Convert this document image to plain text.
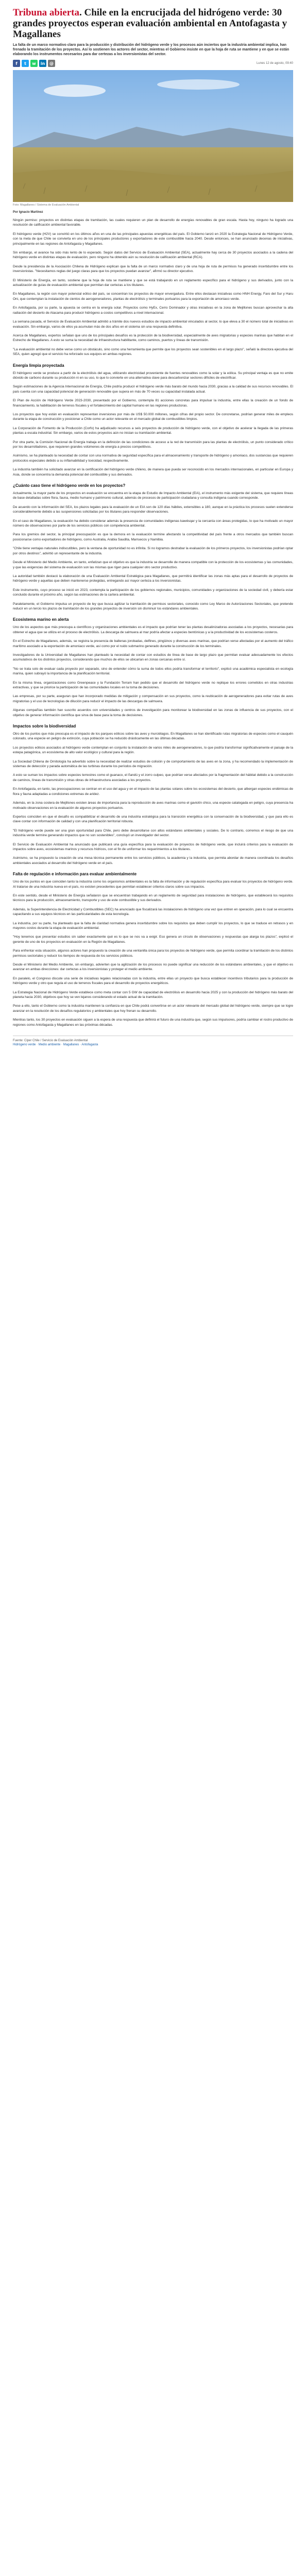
Tribuna abierta. Chile en la encrucijada del hidrógeno verde: 30 grandes proyectos esperan evaluación ambiental en Antofagasta y Magallanes

La falta de un marco normativo claro para la producción y distribución del hidrógeno verde y los procesos aún inciertos que la industria ambiental implica, han frenado la tramitación de los proyectos. Así lo sostienen los actores del sector, mientras el Gobierno insiste en que la hoja de ruta se mantiene y en que se están elaborando los instrumentos necesarios para dar certezas a los inversionistas del sector.

f t w in @	Lunes 12 de agosto, 09:40

Foto: Magallanes / Sistema de Evaluación Ambiental

Por Ignacio Martínez

Ningún permiso: proyectos en distintas etapas de tramitación, las cuales requieren un plan de desarrollo de energías renovables de gran escala. Hasta hoy, ninguno ha logrado una resolución de calificación ambiental favorable.

El hidrógeno verde (H2V) se convirtió en los últimos años en una de las principales apuestas energéticas del país. El Gobierno lanzó en 2020 la Estrategia Nacional de Hidrógeno Verde, con la meta de que Chile se convierta en uno de los principales productores y exportadores de este combustible hacia 2040. Desde entonces, se han anunciado decenas de iniciativas, principalmente en las regiones de Antofagasta y Magallanes.

Sin embargo, el avance ha sido más lento de lo esperado. Según datos del Servicio de Evaluación Ambiental (SEA), actualmente hay cerca de 30 proyectos asociados a la cadena del hidrógeno verde en distintas etapas de evaluación, pero ninguno ha obtenido aún su resolución de calificación ambiental (RCA).

Desde la presidencia de la Asociación Chilena de Hidrógeno explican que la falta de un marco normativo claro y de una hoja de ruta de permisos ha generado incertidumbre entre los inversionistas. "Necesitamos reglas del juego claras para que los proyectos puedan avanzar", afirmó su director ejecutivo.

El Ministerio de Energía, en tanto, sostiene que la hoja de ruta se mantiene y que se está trabajando en un reglamento específico para el hidrógeno y sus derivados, junto con la actualización de guías de evaluación ambiental que permitan dar certezas a los titulares.

En Magallanes, la región con mayor potencial eólico del país, se concentran los proyectos de mayor envergadura. Entre ellos destacan iniciativas como HNH Energy, Faro del Sur y Haru Oni, que contemplan la instalación de cientos de aerogeneradores, plantas de electrólisis y terminales portuarios para la exportación de amoniaco verde.

En Antofagasta, por su parte, la apuesta se centra en la energía solar. Proyectos como HyEx, Cerro Dominador y otras iniciativas en la zona de Mejillones buscan aprovechar la alta radiación del desierto de Atacama para producir hidrógeno a costos competitivos a nivel internacional.

La semana pasada, el Servicio de Evaluación Ambiental admitió a trámite dos nuevos estudios de impacto ambiental vinculados al sector, lo que eleva a 30 el número total de iniciativas en evaluación. Sin embargo, varios de ellos ya acumulan más de dos años en el sistema sin una respuesta definitiva.

Acerca de Magallanes, expertos señalan que uno de los principales desafíos es la protección de la biodiversidad, especialmente de aves migratorias y especies marinas que habitan en el Estrecho de Magallanes. A esto se suma la necesidad de infraestructura habilitante, como caminos, puertos y líneas de transmisión.

"La evaluación ambiental no debe verse como un obstáculo, sino como una herramienta que permite que los proyectos sean sostenibles en el largo plazo", señaló la directora ejecutiva del SEA, quien agregó que el servicio ha reforzado sus equipos en ambas regiones.

Energía limpia proyectada

El hidrógeno verde se produce a partir de la electrólisis del agua, utilizando electricidad proveniente de fuentes renovables como la solar y la eólica. Su principal ventaja es que no emite dióxido de carbono durante su producción ni en su uso, lo que lo convierte en una alternativa clave para descarbonizar sectores difíciles de electrificar.

Según estimaciones de la Agencia Internacional de Energía, Chile podría producir el hidrógeno verde más barato del mundo hacia 2030, gracias a la calidad de sus recursos renovables. El país cuenta con una capacidad potencial de generación renovable que supera en más de 70 veces su capacidad instalada actual.

El Plan de Acción de Hidrógeno Verde 2023-2030, presentado por el Gobierno, contempla 81 acciones concretas para impulsar la industria, entre ellas la creación de un fondo de financiamiento, la habilitación de terrenos fiscales y el fortalecimiento del capital humano en las regiones productoras.

Los proyectos que hoy están en evaluación representan inversiones por más de US$ 50.000 millones, según cifras del propio sector. De concretarse, podrían generar miles de empleos durante la etapa de construcción y posicionar a Chile como un actor relevante en el mercado global de combustibles limpios.

La Corporación de Fomento de la Producción (Corfo) ha adjudicado recursos a seis proyectos de producción de hidrógeno verde, con el objetivo de acelerar la llegada de las primeras plantas a escala industrial. Sin embargo, varios de estos proyectos aún no inician su tramitación ambiental.

Por otra parte, la Comisión Nacional de Energía trabaja en la definición de las condiciones de acceso a la red de transmisión para las plantas de electrólisis, un punto considerado crítico por los desarrolladores, que requieren grandes volúmenes de energía a precios competitivos.

Asimismo, se ha planteado la necesidad de contar con una normativa de seguridad específica para el almacenamiento y transporte de hidrógeno y amoniaco, dos sustancias que requieren protocolos especiales debido a su inflamabilidad y toxicidad, respectivamente.

La industria también ha solicitado avanzar en la certificación del hidrógeno verde chileno, de manera que pueda ser reconocido en los mercados internacionales, en particular en Europa y Asia, donde se concentra la demanda potencial del combustible y sus derivados.

¿Cuánto caso tiene el hidrógeno verde en los proyectos?

Actualmente, la mayor parte de los proyectos en evaluación se encuentra en la etapa de Estudio de Impacto Ambiental (EIA), el instrumento más exigente del sistema, que requiere líneas de base detalladas sobre flora, fauna, medio humano y patrimonio cultural, además de procesos de participación ciudadana y consulta indígena cuando corresponde.

De acuerdo con la información del SEA, los plazos legales para la evaluación de un EIA son de 120 días hábiles, extensibles a 180, aunque en la práctica los procesos suelen extenderse considerablemente debido a las suspensiones solicitadas por los titulares para responder observaciones.

En el caso de Magallanes, la evaluación ha debido considerar además la presencia de comunidades indígenas kawésqar y la cercanía con áreas protegidas, lo que ha motivado un mayor número de observaciones por parte de los servicios públicos con competencia ambiental.

Para los gremios del sector, la principal preocupación es que la demora en la evaluación termine afectando la competitividad del país frente a otros mercados que también buscan posicionarse como exportadores de hidrógeno, como Australia, Arabia Saudita, Marruecos y Namibia.

"Chile tiene ventajas naturales indiscutibles, pero la ventana de oportunidad no es infinita. Si no logramos destrabar la evaluación de los primeros proyectos, los inversionistas podrían optar por otros destinos", advirtió un representante de la industria.

Desde el Ministerio del Medio Ambiente, en tanto, enfatizan que el objetivo es que la industria se desarrolle de manera compatible con la protección de los ecosistemas y las comunidades, y que las exigencias del sistema de evaluación son las mismas que rigen para cualquier otro sector productivo.

La autoridad también destacó la elaboración de una Evaluación Ambiental Estratégica para Magallanes, que permitirá identificar las zonas más aptas para el desarrollo de proyectos de hidrógeno verde y aquellas que deben mantenerse protegidas, entregando así mayor certeza a los inversionistas.

Este instrumento, cuyo proceso se inició en 2023, contempla la participación de los gobiernos regionales, municipios, comunidades y organizaciones de la sociedad civil, y debería estar concluido durante el próximo año, según las estimaciones de la cartera ambiental.

Paralelamente, el Gobierno impulsa un proyecto de ley que busca agilizar la tramitación de permisos sectoriales, conocido como Ley Marco de Autorizaciones Sectoriales, que pretende reducir en un tercio los plazos de tramitación de los grandes proyectos de inversión sin disminuir los estándares ambientales.

Ecosistema marino en alerta

Uno de los aspectos que más preocupa a científicos y organizaciones ambientales es el impacto que podrían tener las plantas desalinizadoras asociadas a los proyectos, necesarias para obtener el agua que se utiliza en el proceso de electrólisis. La descarga de salmuera al mar podría afectar a especies bentónicas y a la productividad de los ecosistemas costeros.

En el Estrecho de Magallanes, además, se registra la presencia de ballenas jorobadas, delfines, pingüinos y diversas aves marinas, que podrían verse afectadas por el aumento del tráfico marítimo asociado a la exportación de amoniaco verde, así como por el ruido submarino generado durante la construcción de los terminales.

Investigadores de la Universidad de Magallanes han planteado la necesidad de contar con estudios de línea de base de largo plazo que permitan evaluar adecuadamente los efectos acumulativos de los distintos proyectos, considerando que muchos de ellos se ubicarían en zonas cercanas entre sí.

"No se trata solo de evaluar cada proyecto por separado, sino de entender cómo la suma de todos ellos podría transformar el territorio", explicó una académica especialista en ecología marina, quien subrayó la importancia de la planificación territorial.

En la misma línea, organizaciones como Greenpeace y la Fundación Terram han pedido que el desarrollo del hidrógeno verde no replique los errores cometidos en otras industrias extractivas, y que se priorice la participación de las comunidades locales en la toma de decisiones.

Las empresas, por su parte, aseguran que han incorporado medidas de mitigación y compensación en sus proyectos, como la reubicación de aerogeneradores para evitar rutas de aves migratorias y el uso de tecnologías de dilución para reducir el impacto de las descargas de salmuera.

Algunas compañías también han suscrito acuerdos con universidades y centros de investigación para monitorear la biodiversidad en las zonas de influencia de sus proyectos, con el objetivo de generar información científica que sirva de base para la toma de decisiones.

Impactos sobre la biodiversidad

Otro de los puntos que más preocupa es el impacto de los parques eólicos sobre las aves y murciélagos. En Magallanes se han identificado rutas migratorias de especies como el cauquén colorado, una especie en peligro de extinción, cuya población se ha reducido drásticamente en las últimas décadas.

Los proyectos eólicos asociados al hidrógeno verde contemplan en conjunto la instalación de varios miles de aerogeneradores, lo que podría transformar significativamente el paisaje de la estepa patagónica, un ecosistema de alto valor ecológico y cultural para la región.

La Sociedad Chilena de Ornitología ha advertido sobre la necesidad de realizar estudios de colisión y de comportamiento de las aves en la zona, y ha recomendado la implementación de sistemas de detección y parada automática de las turbinas durante los períodos de migración.

A esto se suman los impactos sobre especies terrestres como el guanaco, el ñandú y el zorro culpeo, que podrían verse afectados por la fragmentación del hábitat debido a la construcción de caminos, líneas de transmisión y otras obras de infraestructura asociadas a los proyectos.

En Antofagasta, en tanto, las preocupaciones se centran en el uso del agua y en el impacto de las plantas solares sobre los ecosistemas del desierto, que albergan especies endémicas de flora y fauna adaptadas a condiciones extremas de aridez.

Además, en la zona costera de Mejillones existen áreas de importancia para la reproducción de aves marinas como el gaviotín chico, una especie catalogada en peligro, cuya presencia ha motivado observaciones en la evaluación de algunos proyectos portuarios.

Expertos coinciden en que el desafío es compatibilizar el desarrollo de una industria estratégica para la transición energética con la conservación de la biodiversidad, y que para ello es clave contar con información de calidad y con una planificación territorial robusta.

"El hidrógeno verde puede ser una gran oportunidad para Chile, pero debe desarrollarse con altos estándares ambientales y sociales. De lo contrario, corremos el riesgo de que una industria verde termine generando impactos que no son sostenibles", concluyó un investigador del sector.

El Servicio de Evaluación Ambiental ha anunciado que publicará una guía específica para la evaluación de proyectos de hidrógeno verde, que incluirá criterios para la evaluación de impactos sobre aves, ecosistemas marinos y recursos hídricos, con el fin de uniformar los requerimientos a los titulares.

Asimismo, se ha propuesto la creación de una mesa técnica permanente entre los servicios públicos, la academia y la industria, que permita abordar de manera coordinada los desafíos ambientales asociados al desarrollo del hidrógeno verde en el país.

Falta de regulación e información para evaluar ambientalmente

Uno de los puntos en que coinciden tanto la industria como los organismos ambientales es la falta de información y de regulación específica para evaluar los proyectos de hidrógeno verde. Al tratarse de una industria nueva en el país, no existen precedentes que permitan establecer criterios claros sobre sus impactos.

En este sentido, desde el Ministerio de Energía señalaron que se encuentran trabajando en un reglamento de seguridad para instalaciones de hidrógeno, que establecerá los requisitos técnicos para la producción, almacenamiento, transporte y uso de este combustible y sus derivados.

Además, la Superintendencia de Electricidad y Combustibles (SEC) ha anunciado que fiscalizará las instalaciones de hidrógeno una vez que entren en operación, para lo cual se encuentra capacitando a sus equipos técnicos en las particularidades de esta tecnología.

La industria, por su parte, ha planteado que la falta de claridad normativa genera incertidumbre sobre los requisitos que deben cumplir los proyectos, lo que se traduce en retrasos y en mayores costos durante la etapa de evaluación ambiental.

"Hoy tenemos que presentar estudios sin saber exactamente qué es lo que se nos va a exigir. Eso genera un círculo de observaciones y respuestas que alarga los plazos", explicó el gerente de uno de los proyectos en evaluación en la Región de Magallanes.

Para enfrentar esta situación, algunos actores han propuesto la creación de una ventanilla única para los proyectos de hidrógeno verde, que permita coordinar la tramitación de los distintos permisos sectoriales y reducir los tiempos de respuesta de los servicios públicos.

Desde el Ministerio del Medio Ambiente, sin embargo, advierten que la agilización de los procesos no puede significar una reducción de los estándares ambientales, y que el objetivo es avanzar en ambas direcciones: dar certezas a los inversionistas y proteger el medio ambiente.

En paralelo, el Congreso discute una serie de iniciativas legales relacionadas con la industria, entre ellas un proyecto que busca establecer incentivos tributarios para la producción de hidrógeno verde y otro que regula el uso de terrenos fiscales para el desarrollo de proyectos energéticos.

La Estrategia Nacional de Hidrógeno Verde establece como meta contar con 5 GW de capacidad de electrólisis en desarrollo hacia 2025 y con la producción del hidrógeno más barato del planeta hacia 2030, objetivos que hoy se ven lejanos considerando el estado actual de la tramitación.

Pese a ello, tanto el Gobierno como la industria mantienen la confianza en que Chile podrá convertirse en un actor relevante del mercado global del hidrógeno verde, siempre que se logre avanzar en la resolución de los desafíos regulatorios y ambientales que hoy frenan su desarrollo.

Mientras tanto, los 30 proyectos en evaluación siguen a la espera de una respuesta que definirá el futuro de una industria que, según sus impulsores, podría cambiar el rostro productivo de regiones como Antofagasta y Magallanes en las próximas décadas.

Fuente: Ciper Chile / Servicio de Evaluación Ambiental
Hidrógeno verde · Medio ambiente · Magallanes · Antofagasta
